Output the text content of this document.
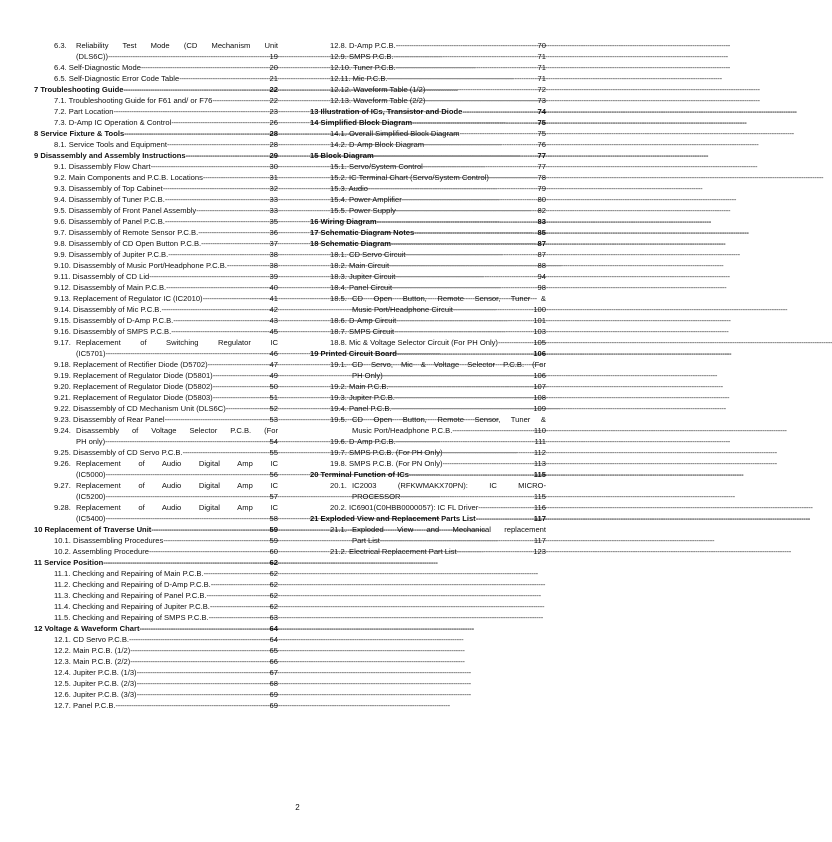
6.3.	Reliability Test Mode (CD Mechanism Unit
(DLS6C)) -----	19
6.4. Self-Diagnostic Mode -----	20
6.5. Self-Diagnostic Error Code Table -----	21
7 Troubleshooting Guide -----	22
7.1. Troubleshooting Guide for F61 and/ or F76 -----	22
7.2. Part Location -----	23
7.3. D-Amp IC Operation & Control -----	26
8 Service Fixture & Tools -----	28
8.1. Service Tools and Equipment -----	28
9 Disassembly and Assembly Instructions -----	29
9.1. Disassembly Flow Chart -----	30
9.2. Main Components and P.C.B. Locations -----	31
9.3. Disassembly of Top Cabinet -----	32
9.4. Disassembly of Tuner P.C.B. -----	33
9.5. Disassembly of Front Panel Assembly -----	33
9.6. Disassembly of Panel P.C.B. -----	35
9.7. Disassembly of Remote Sensor P.C.B. -----	36
9.8. Disassembly of CD Open Button P.C.B. -----	37
9.9. Disassembly of Jupiter P.C.B. -----	38
9.10. Disassembly of Music Port/Headphone P.C.B. -----	38
9.11. Disassembly of CD Lid -----	39
9.12. Disassembly of Main P.C.B. -----	40
9.13. Replacement of Regulator IC (IC2010) -----	41
9.14. Disassembly of Mic P.C.B. -----	42
9.15. Disassembly of D-Amp P.C.B. -----	43
9.16. Disassembly of SMPS P.C.B. -----	45
9.17. Replacement of Switching Regulator IC
(IC5701) -----	46
9.18. Replacement of Rectifier Diode (D5702) -----	47
9.19. Replacement of Regulator Diode (D5801) -----	49
9.20. Replacement of Regulator Diode (D5802) -----	50
9.21. Replacement of Regulator Diode (D5803) -----	51
9.22. Disassembly of CD Mechanism Unit (DLS6C) -----	52
9.23. Disassembly of Rear Panel -----	53
9.24. Disassembly of Voltage Selector P.C.B. (For
PH only) -----	54
9.25. Disassembly of CD Servo P.C.B. -----	55
9.26. Replacement of Audio Digital Amp IC
(IC5000) -----	56
9.27. Replacement of Audio Digital Amp IC
(IC5200) -----	57
9.28. Replacement of Audio Digital Amp IC
(IC5400) -----	58
10 Replacement of Traverse Unit -----	59
10.1. Disassembling Procedures -----	59
10.2. Assembling Procedure -----	60
11 Service Position -----	62
11.1. Checking and Repairing of Main P.C.B. -----	62
11.2. Checking and Repairing of D-Amp P.C.B. -----	62
11.3. Checking and Repairing of Panel P.C.B. -----	62
11.4. Checking and Repairing of Jupiter P.C.B. -----	62
11.5. Checking and Repairing of SMPS P.C.B. -----	63
12 Voltage & Waveform Chart -----	64
12.1. CD Servo P.C.B. -----	64
12.2. Main P.C.B. (1/2) -----	65
12.3. Main P.C.B. (2/2) -----	66
12.4. Jupiter P.C.B. (1/3) -----	67
12.5. Jupiter P.C.B. (2/3) -----	68
12.6. Jupiter P.C.B. (3/3) -----	69
12.7. Panel P.C.B. -----	69
12.8. D-Amp P.C.B. -----	70
12.9. SMPS P.C.B. -----	71
12.10. Tuner P.C.B. -----	71
12.11. Mic P.C.B. -----	71
12.12. Waveform Table (1/2) -----	72
12.13. Waveform Table (2/2) -----	73
13 Illustration of ICs, Transistor and Diode -----	74
14 Simplified Block Diagram -----	75
14.1. Overall Simplified Block Diagram -----	75
14.2. D-Amp Block Diagram -----	76
15 Block Diagram -----	77
15.1. Servo/System Control -----	77
15.2. IC Terminal Chart (Servo/System Control) -----	78
15.3. Audio -----	79
15.4. Power Amplifier -----	80
15.5. Power Supply -----	82
16 Wiring Diagram -----	83
17 Schematic Diagram Notes -----	85
18 Schematic Diagram -----	87
18.1. CD Servo Circuit -----	87
18.2. Main Circuit -----	88
18.3. Jupiter Circuit -----	94
18.4. Panel Circuit -----	98
18.5. CD Open Button, Remote Sensor, Tuner &
Music Port/Headphone Circuit -----	100
18.6. D-Amp Circuit -----	101
18.7. SMPS Circuit -----	103
18.8. Mic & Voltage Selector Circuit (For PH Only) -----	105
19 Printed Circuit Board -----	106
19.1. CD Servo, Mic & Voltage Selector P.C.B. (For
PH Only) -----	106
19.2. Main P.C.B. -----	107
19.3. Jupiter P.C.B. -----	108
19.4. Panel P.C.B. -----	109
19.5. CD Open Button, Remote Sensor, Tuner &
Music Port/Headphone P.C.B. -----	110
19.6. D-Amp P.C.B. -----	111
19.7. SMPS P.C.B. (For PH Only) -----	112
19.8. SMPS P.C.B. (For PN Only) -----	113
20 Terminal Function of ICs -----	115
20.1. IC2003 (RFKWMAKX70PN): IC MICRO-
PROCESSOR -----	115
20.2. IC6901(C0HBB0000057): IC FL Driver -----	116
21 Exploded View and Replacement Parts List -----	117
21.1. Exploded View and Mechanical replacement
Part List -----	117
21.2. Electrical Replacement Part List -----	123
2
